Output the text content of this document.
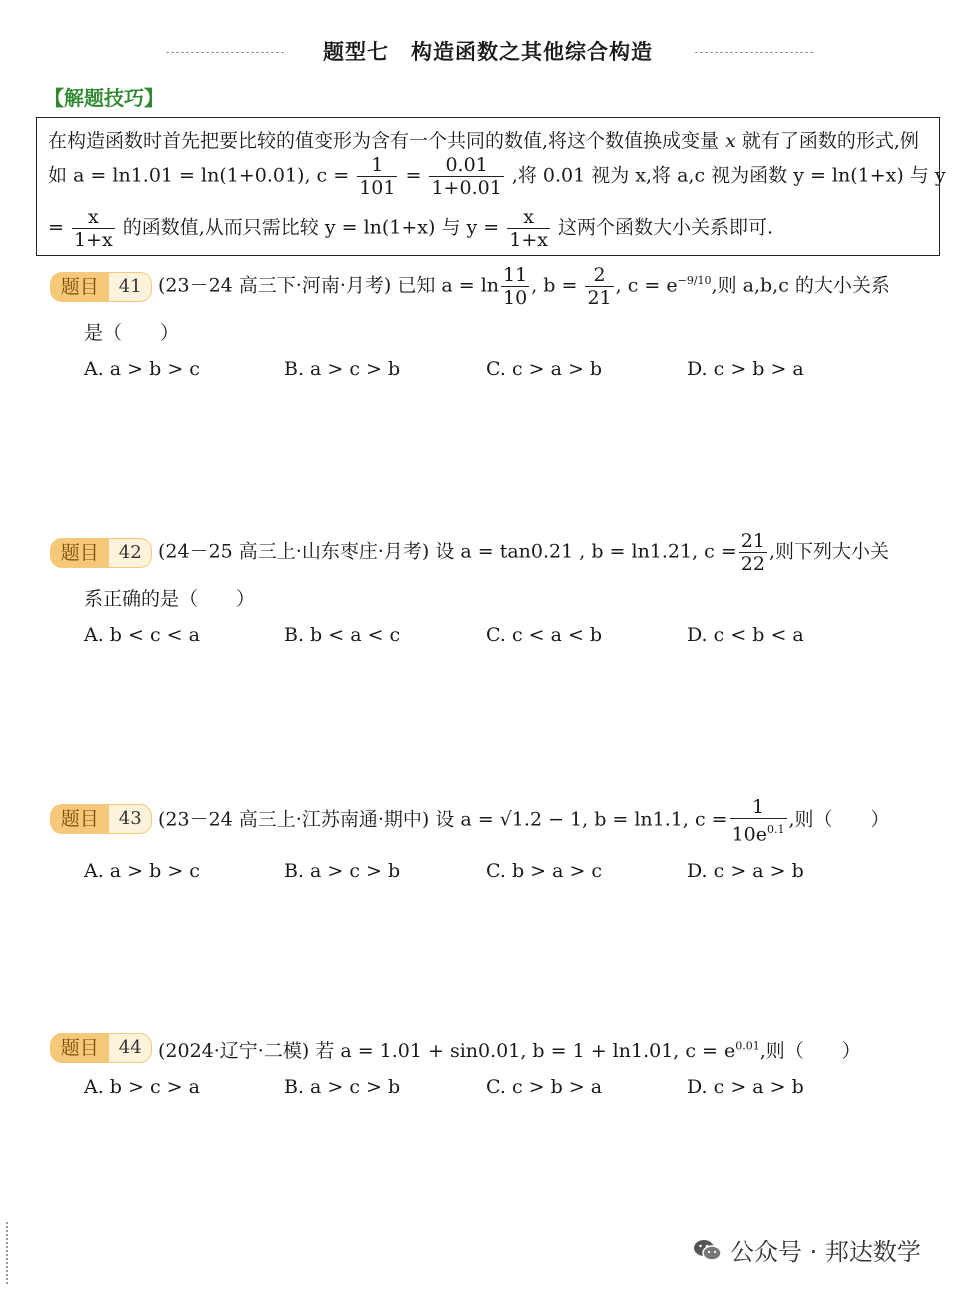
题型七　构造函数之其他综合构造
【解题技巧】
在构造函数时首先把要比较的值变形为含有一个共同的数值,将这个数值换成变量 x 就有了函数的形式,例
如 a = ln1.01 = ln(1+0.01), $c = \frac{1}{101} = \frac{0.01}{1+0.01}$ ,将 0.01 视为 x,将 a,c 视为函数 y = ln(1+x) 与 y
= $\frac{x}{1+x}$ 的函数值,从而只需比较 y = ln(1+x) 与 $y = \frac{x}{1+x}$ 这两个函数大小关系即可.
题目	41 (23－24 高三下·河南·月考) 已知 $a = \ln \frac{11}{10}$ , $b = \frac{2}{21}$ , $c = e^{-9/10}$,则 a,b,c 的大小关系
是（　　）
A. a > b > c	B. a > c > b	C. c > a > b	D. c > b > a
题目	42 (24－25 高三上·山东枣庄·月考) 设 a = tan0.21 , b = ln1.21, $c = \frac{21}{22}$ ,则下列大小关
系正确的是（　　）
A. b < c < a	B. b < a < c	C. c < a < b	D. c < b < a
题目	43 (23－24 高三上·江苏南通·期中) 设 a = √1.2 − 1, b = ln1.1, $c = \frac{1}{10e^{0.1}}$ ,则（　　）
A. a > b > c	B. a > c > b	C. b > a > c	D. c > a > b
题目	44 (2024·辽宁·二模) 若 a = 1.01 + sin0.01, b = 1 + ln1.01, $c = e^{0.01}$,则（　　）
A. b > c > a	B. a > c > b	C. c > b > a	D. c > a > b
公众号 · 邦达数学
